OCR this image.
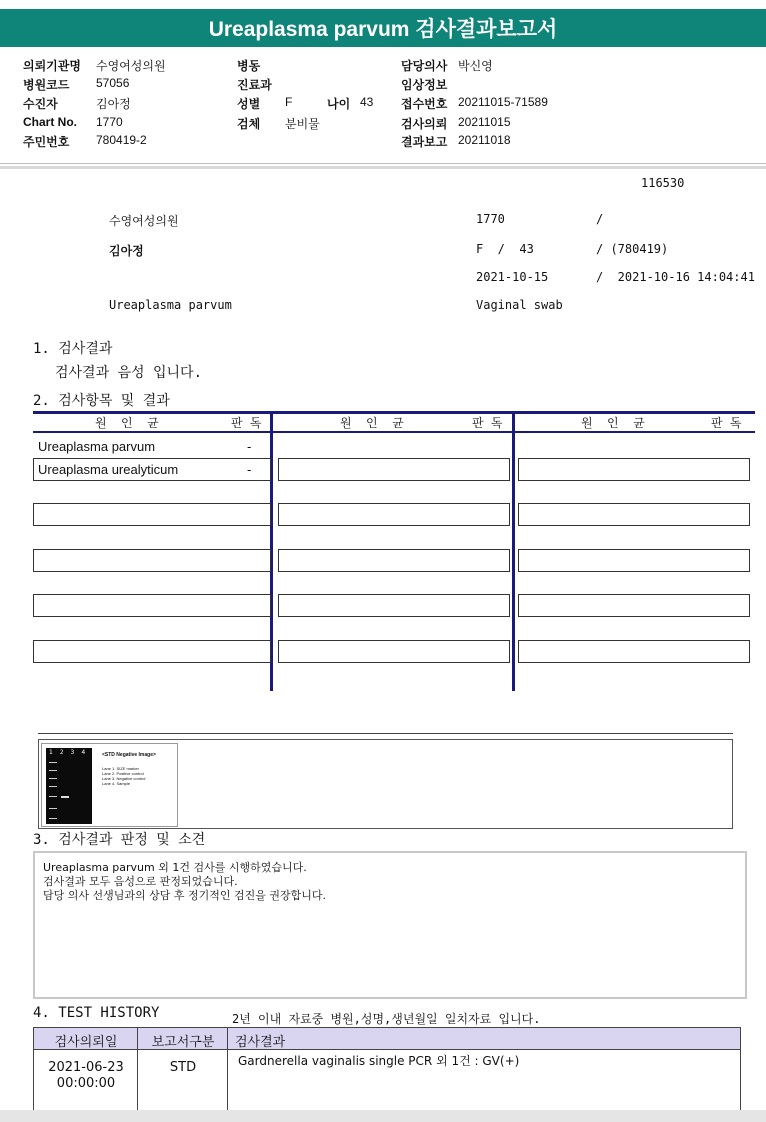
Ureaplasma parvum 검사결과보고서
의뢰기관명 수영여성의원
병원코드 57056
수진자	김아정
Chart No. 1770
주민번호 780419-2
병동
진료과
성별 F	나이 43
검체 분비물
담당의사 박신영
임상정보
접수번호 20211015-71589
검사의뢰 20211015
결과보고 20211018
116530
수영여성의원	1770	/
김아정	F  /  43	/ (780419)
2021-10-15	/  2021-10-16 14:04:41
Ureaplasma parvum	Vaginal swab
1. 검사결과
검사결과 음성 입니다.
2. 검사항목 및 결과
원  인  균	판 독	원  인  균	판 독	원  인  균	판 독
Ureaplasma parvum	-
Ureaplasma urealyticum	-
1  2  3  4	<STD Negative Image>
Lane 1. SIZE marker
Lane 2. Positive control
Lane 3. Negative control
Lane 4. Sample
3. 검사결과 판정 및 소견
Ureaplasma parvum 외 1건 검사를 시행하였습니다.
검사결과 모두 음성으로 판정되었습니다.
담당 의사 선생님과의 상담 후 정기적인 검진을 권장합니다.
4. TEST HISTORY	2년 이내 자료중 병원,성명,생년월일 일치자료 입니다.
검사의뢰일	보고서구분	검사결과
2021-06-23
00:00:00
STD	Gardnerella vaginalis single PCR 외 1건 : GV(+)
